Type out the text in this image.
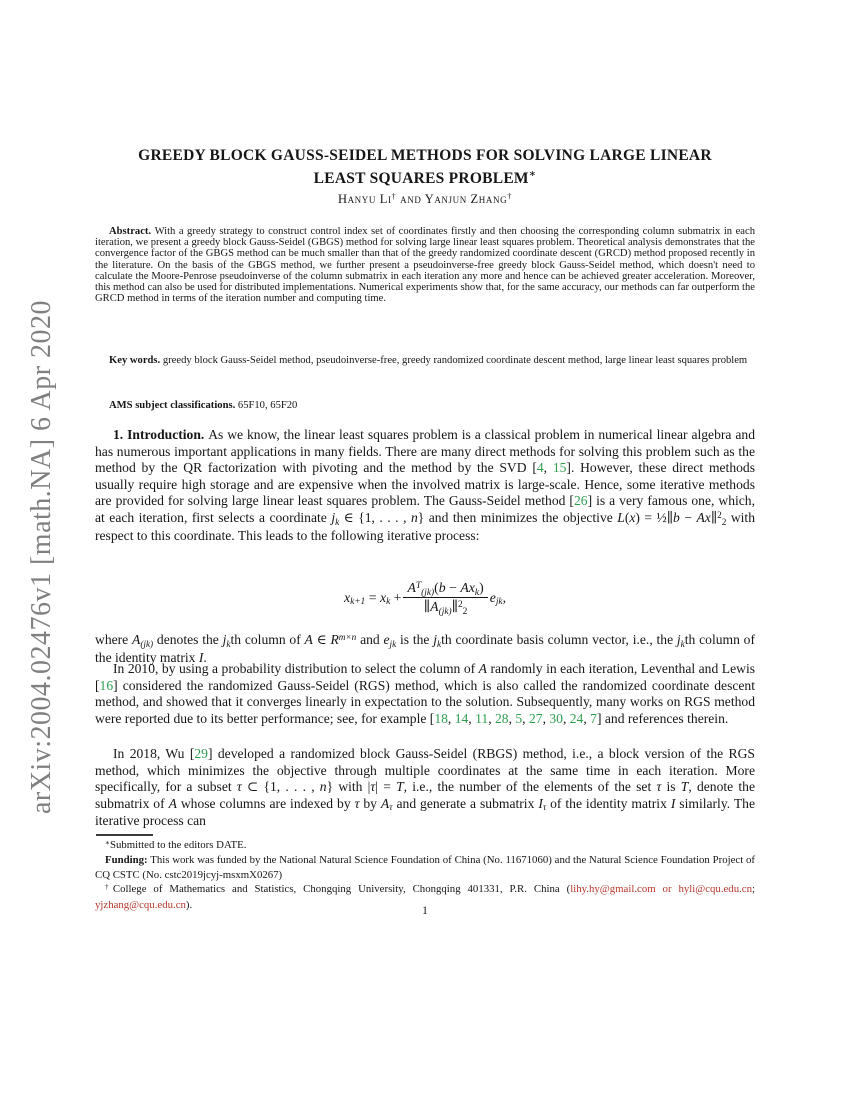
arXiv:2004.02476v1 [math.NA] 6 Apr 2020
GREEDY BLOCK GAUSS-SEIDEL METHODS FOR SOLVING LARGE LINEAR
LEAST SQUARES PROBLEM∗
Hanyu Li† and Yanjun Zhang†
Abstract. With a greedy strategy to construct control index set of coordinates firstly and then choosing the corresponding column submatrix in each iteration, we present a greedy block Gauss-Seidel (GBGS) method for solving large linear least squares problem. Theoretical analysis demonstrates that the convergence factor of the GBGS method can be much smaller than that of the greedy randomized coordinate descent (GRCD) method proposed recently in the literature. On the basis of the GBGS method, we further present a pseudoinverse-free greedy block Gauss-Seidel method, which doesn't need to calculate the Moore-Penrose pseudoinverse of the column submatrix in each iteration any more and hence can be achieved greater acceleration. Moreover, this method can also be used for distributed implementations. Numerical experiments show that, for the same accuracy, our methods can far outperform the GRCD method in terms of the iteration number and computing time.
Key words. greedy block Gauss-Seidel method, pseudoinverse-free, greedy randomized coordinate descent method, large linear least squares problem
AMS subject classifications. 65F10, 65F20
1. Introduction. As we know, the linear least squares problem is a classical problem in numerical linear algebra and has numerous important applications in many fields. There are many direct methods for solving this problem such as the method by the QR factorization with pivoting and the method by the SVD [4, 15]. However, these direct methods usually require high storage and are expensive when the involved matrix is large-scale. Hence, some iterative methods are provided for solving large linear least squares problem. The Gauss-Seidel method [26] is a very famous one, which, at each iteration, first selects a coordinate jk ∈ {1, . . . , n} and then minimizes the objective L(x) = ½∥b − Ax∥$^2$2 with respect to this coordinate. This leads to the following iterative process:
xk+1 = xk + $\frac{A^T(jk)(b - Axk)}{\parallel A(jk)\parallel^22}$ ejk,
where A(jk) denotes the jkth column of A ∈ $R^{m\times n}$ and ejk is the jkth coordinate basis column vector, i.e., the jkth column of the identity matrix I.
In 2010, by using a probability distribution to select the column of A randomly in each iteration, Leventhal and Lewis [16] considered the randomized Gauss-Seidel (RGS) method, which is also called the randomized coordinate descent method, and showed that it converges linearly in expectation to the solution. Subsequently, many works on RGS method were reported due to its better performance; see, for example [18, 14, 11, 28, 5, 27, 30, 24, 7] and references therein.
In 2018, Wu [29] developed a randomized block Gauss-Seidel (RBGS) method, i.e., a block version of the RGS method, which minimizes the objective through multiple coordinates at the same time in each iteration. More specifically, for a subset τ ⊂ {1, . . . , n} with |τ| = T, i.e., the number of the elements of the set τ is T, denote the submatrix of A whose columns are indexed by τ by Aτ and generate a submatrix Iτ of the identity matrix I similarly. The iterative process can
∗Submitted to the editors DATE.
Funding: This work was funded by the National Natural Science Foundation of China (No. 11671060) and the Natural Science Foundation Project of CQ CSTC (No. cstc2019jcyj-msxmX0267)
†College of Mathematics and Statistics, Chongqing University, Chongqing 401331, P.R. China (lihy.hy@gmail.com or hyli@cqu.edu.cn; yjzhang@cqu.edu.cn).
1
